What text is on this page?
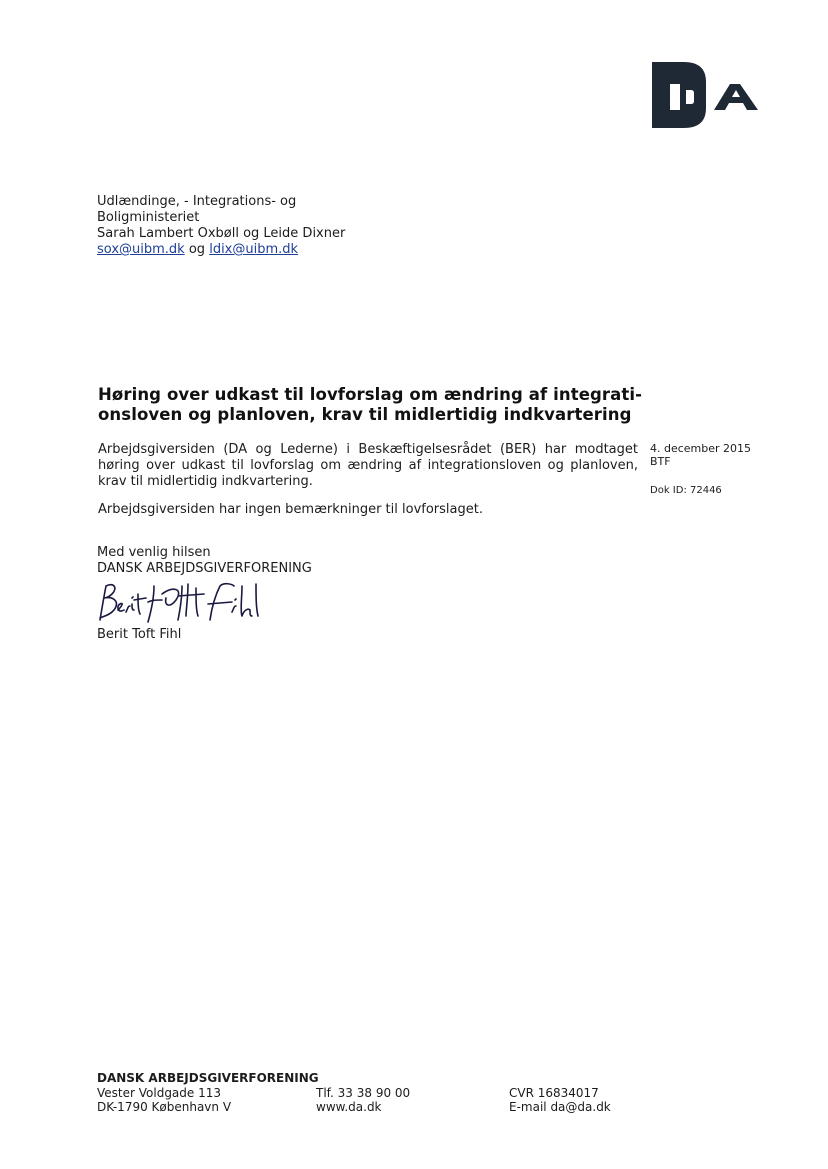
Udlændinge, - Integrations- og
Boligministeriet
Sarah Lambert Oxbøll og Leide Dixner
sox@uibm.dk og ldix@uibm.dk
Høring over udkast til lovforslag om ændring af integrati-
onsloven og planloven, krav til midlertidig indkvartering

Arbejdsgiversiden (DA og Lederne) i Beskæftigelsesrådet (BER) har modtaget høring over udkast til lovforslag om ændring af integrationsloven og planloven, krav til midlertidig indkvartering.

Arbejdsgiversiden har ingen bemærkninger til lovforslaget.

4. december 2015
BTF
Dok ID: 72446
Med venlig hilsen
DANSK ARBEJDSGIVERFORENING
Berit Toft Fihl
DANSK ARBEJDSGIVERFORENING
Vester Voldgade 113
DK-1790 København V
Tlf. 33 38 90 00
www.da.dk
CVR 16834017
E-mail da@da.dk
